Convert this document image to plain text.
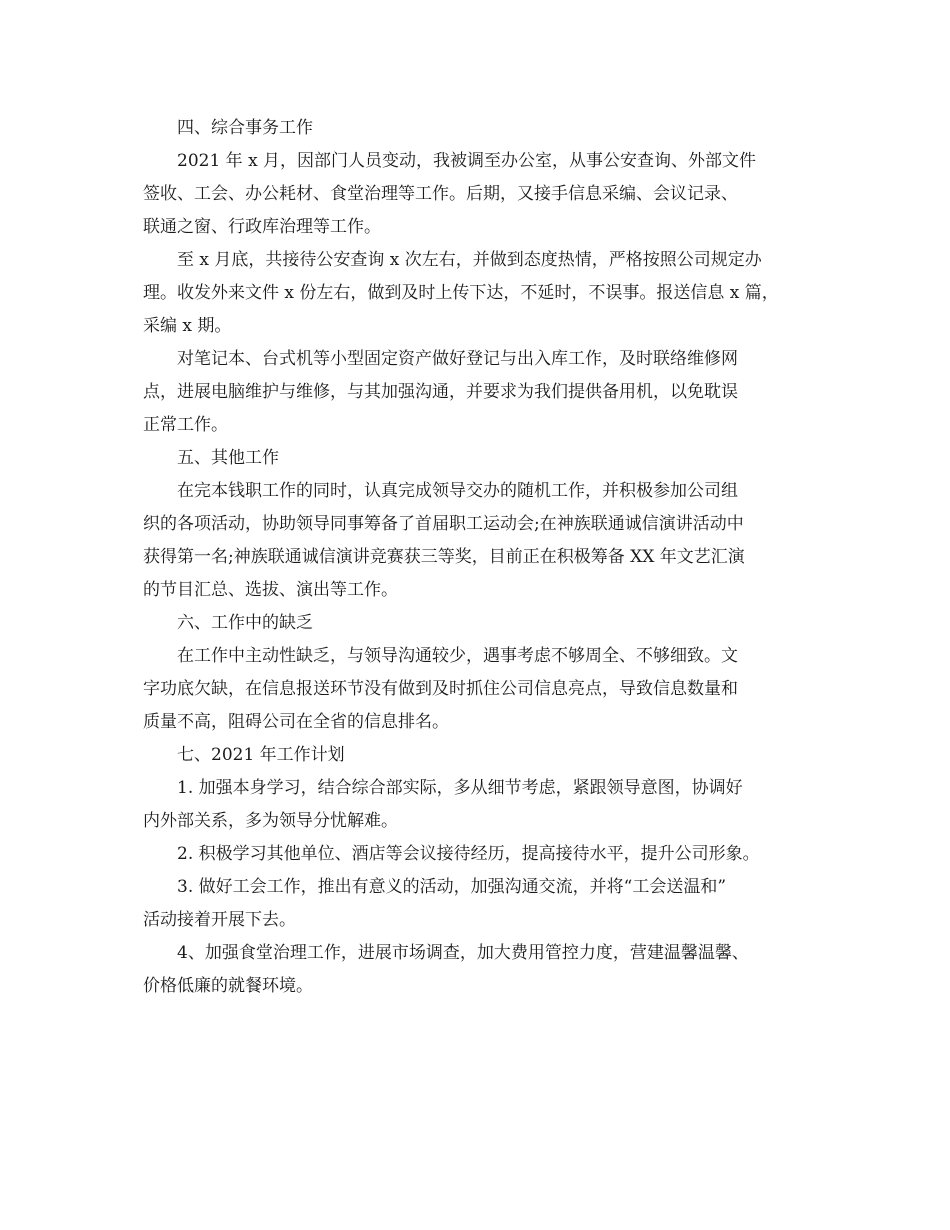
四、综合事务工作
2021 年 x 月，因部门人员变动，我被调至办公室，从事公安查询、外部文件
签收、工会、办公耗材、食堂治理等工作。后期，又接手信息采编、会议记录、
联通之窗、行政库治理等工作。
至 x 月底，共接待公安查询 x 次左右，并做到态度热情，严格按照公司规定办
理。收发外来文件 x 份左右，做到及时上传下达，不延时，不误事。报送信息 x 篇，
采编 x 期。
对笔记本、台式机等小型固定资产做好登记与出入库工作，及时联络维修网
点，进展电脑维护与维修，与其加强沟通，并要求为我们提供备用机，以免耽误
正常工作。
五、其他工作
在完本钱职工作的同时，认真完成领导交办的随机工作，并积极参加公司组
织的各项活动，协助领导同事筹备了首届职工运动会;在神族联通诚信演讲活动中
获得第一名;神族联通诚信演讲竞赛获三等奖，目前正在积极筹备 XX 年文艺汇演
的节目汇总、选拔、演出等工作。
六、工作中的缺乏
在工作中主动性缺乏，与领导沟通较少，遇事考虑不够周全、不够细致。文
字功底欠缺，在信息报送环节没有做到及时抓住公司信息亮点，导致信息数量和
质量不高，阻碍公司在全省的信息排名。
七、2021 年工作计划
1. 加强本身学习，结合综合部实际，多从细节考虑，紧跟领导意图，协调好
内外部关系，多为领导分忧解难。
2. 积极学习其他单位、酒店等会议接待经历，提高接待水平，提升公司形象。
3. 做好工会工作，推出有意义的活动，加强沟通交流，并将“工会送温和”
活动接着开展下去。
4、加强食堂治理工作，进展市场调查，加大费用管控力度，营建温馨温馨、
价格低廉的就餐环境。
